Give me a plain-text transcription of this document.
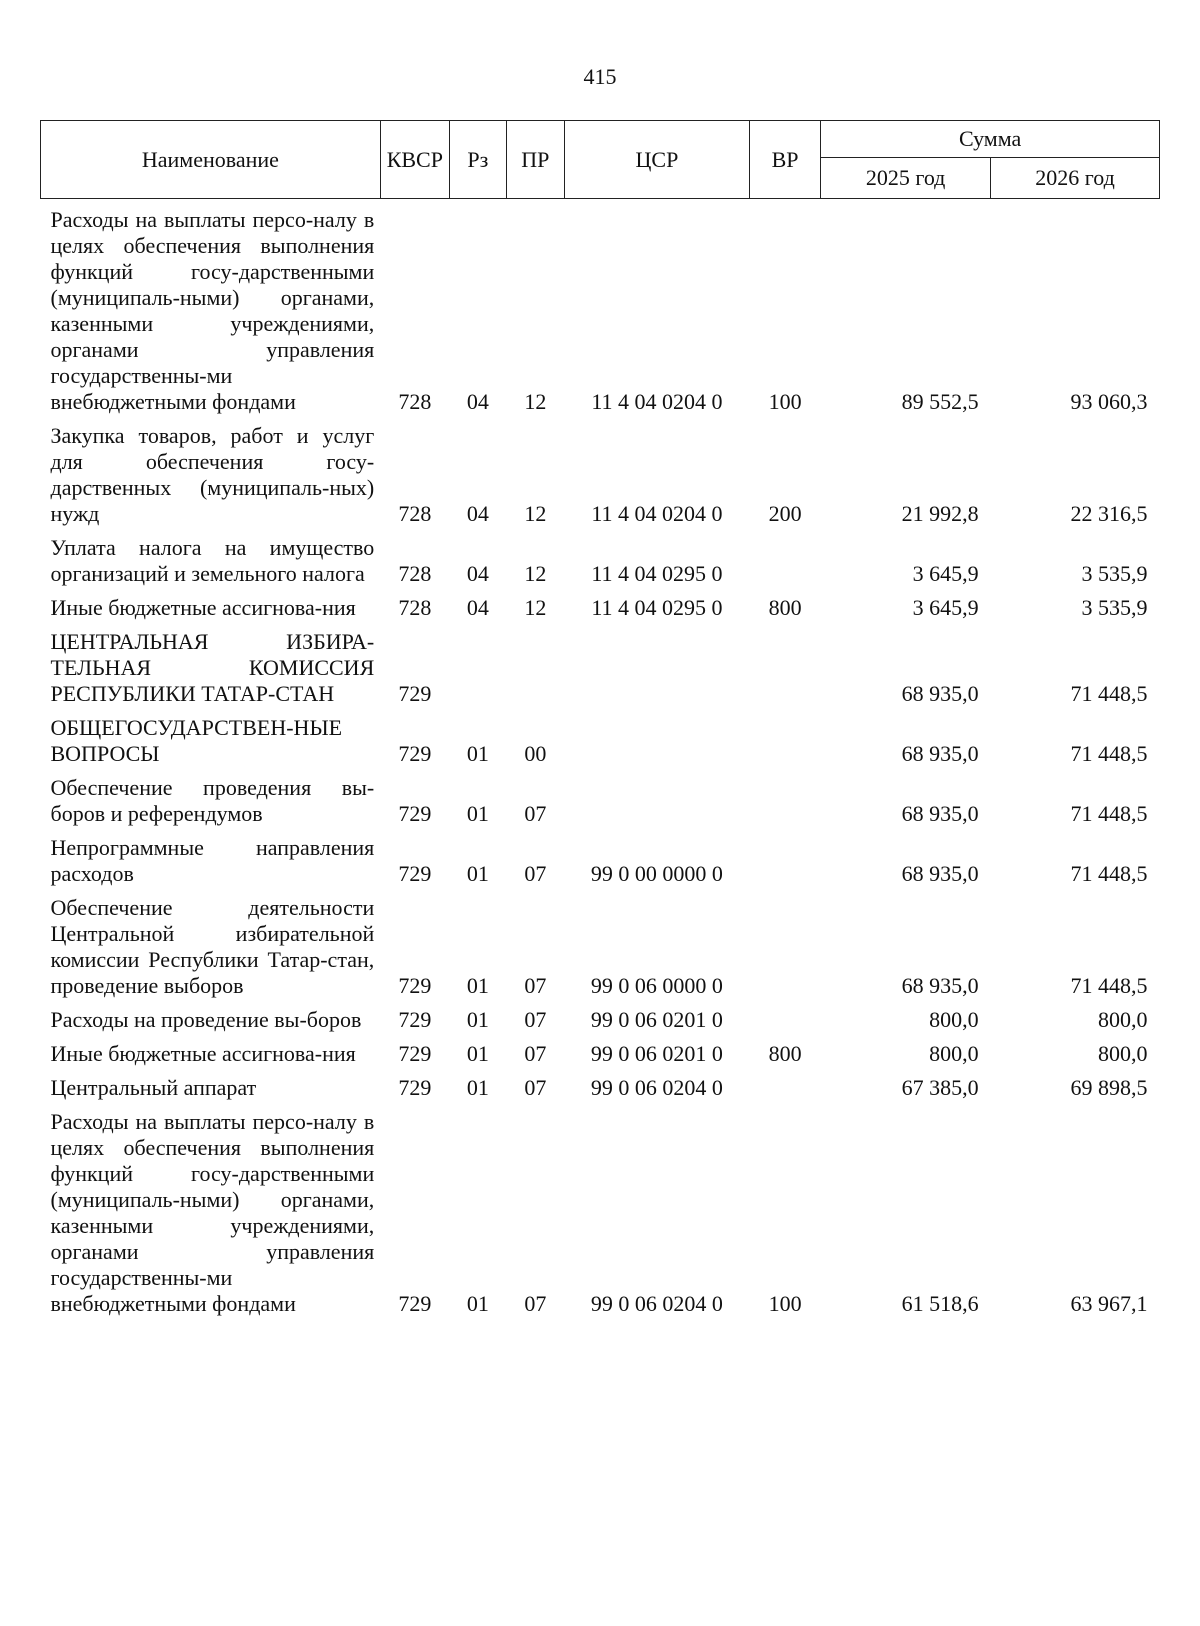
415
Наименование	КВСР	Рз	ПР	ЦСР	ВР	Сумма	
						2025 год	2026 год

Расходы на выплаты персо-налу в целях обеспечения выполнения функций госу-дарственными (муниципаль-ными) органами, казенными учреждениями, органами управления государственны-ми внебюджетными фондами	728	04	12	11 4 04 0204 0	100	89 552,5	93 060,3

Закупка товаров, работ и услуг для обеспечения госу-дарственных (муниципаль-ных) нужд	728	04	12	11 4 04 0204 0	200	21 992,8	22 316,5

Уплата налога на имущество организаций и земельного налога	728	04	12	11 4 04 0295 0		3 645,9	3 535,9

Иные бюджетные ассигнова-ния	728	04	12	11 4 04 0295 0	800	3 645,9	3 535,9

ЦЕНТРАЛЬНАЯ ИЗБИРА-ТЕЛЬНАЯ КОМИССИЯ РЕСПУБЛИКИ ТАТАР-СТАН	729					68 935,0	71 448,5

ОБЩЕГОСУДАРСТВЕН-НЫЕ ВОПРОСЫ	729	01	00			68 935,0	71 448,5

Обеспечение проведения вы-боров и референдумов	729	01	07			68 935,0	71 448,5

Непрограммные направления расходов	729	01	07	99 0 00 0000 0		68 935,0	71 448,5

Обеспечение деятельности Центральной избирательной комиссии Республики Татар-стан, проведение выборов	729	01	07	99 0 06 0000 0		68 935,0	71 448,5

Расходы на проведение вы-боров	729	01	07	99 0 06 0201 0		800,0	800,0

Иные бюджетные ассигнова-ния	729	01	07	99 0 06 0201 0	800	800,0	800,0

Центральный аппарат	729	01	07	99 0 06 0204 0		67 385,0	69 898,5

Расходы на выплаты персо-налу в целях обеспечения выполнения функций госу-дарственными (муниципаль-ными) органами, казенными учреждениями, органами управления государственны-ми внебюджетными фондами	729	01	07	99 0 06 0204 0	100	61 518,6	63 967,1
